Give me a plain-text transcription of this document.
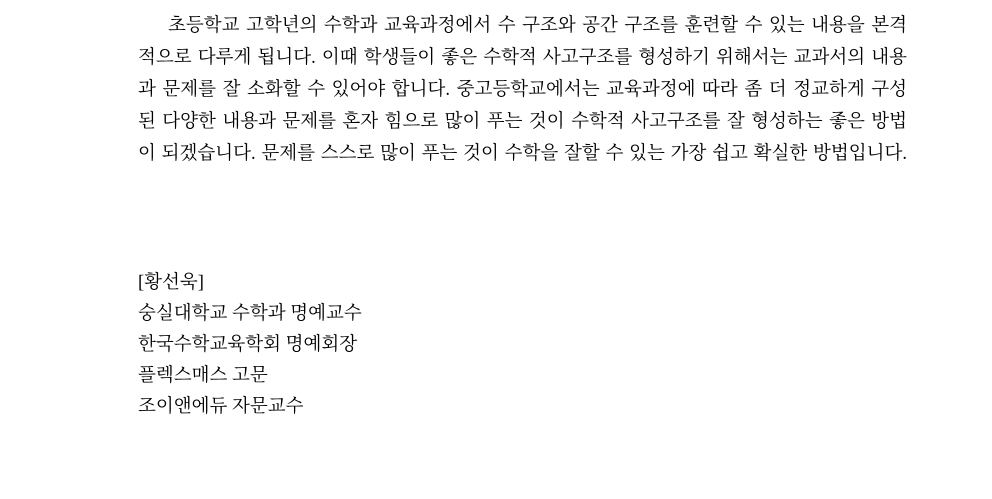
초등학교 고학년의 수학과 교육과정에서 수 구조와 공간 구조를 훈련할 수 있는 내용을 본격적으로 다루게 됩니다. 이때 학생들이 좋은 수학적 사고구조를 형성하기 위해서는 교과서의 내용과 문제를 잘 소화할 수 있어야 합니다. 중고등학교에서는 교육과정에 따라 좀 더 정교하게 구성된 다양한 내용과 문제를 혼자 힘으로 많이 푸는 것이 수학적 사고구조를 잘 형성하는 좋은 방법이 되겠습니다. 문제를 스스로 많이 푸는 것이 수학을 잘할 수 있는 가장 쉽고 확실한 방법입니다.

[황선욱]

숭실대학교 수학과 명예교수

한국수학교육학회 명예회장

플렉스매스 고문

조이앤에듀 자문교수
